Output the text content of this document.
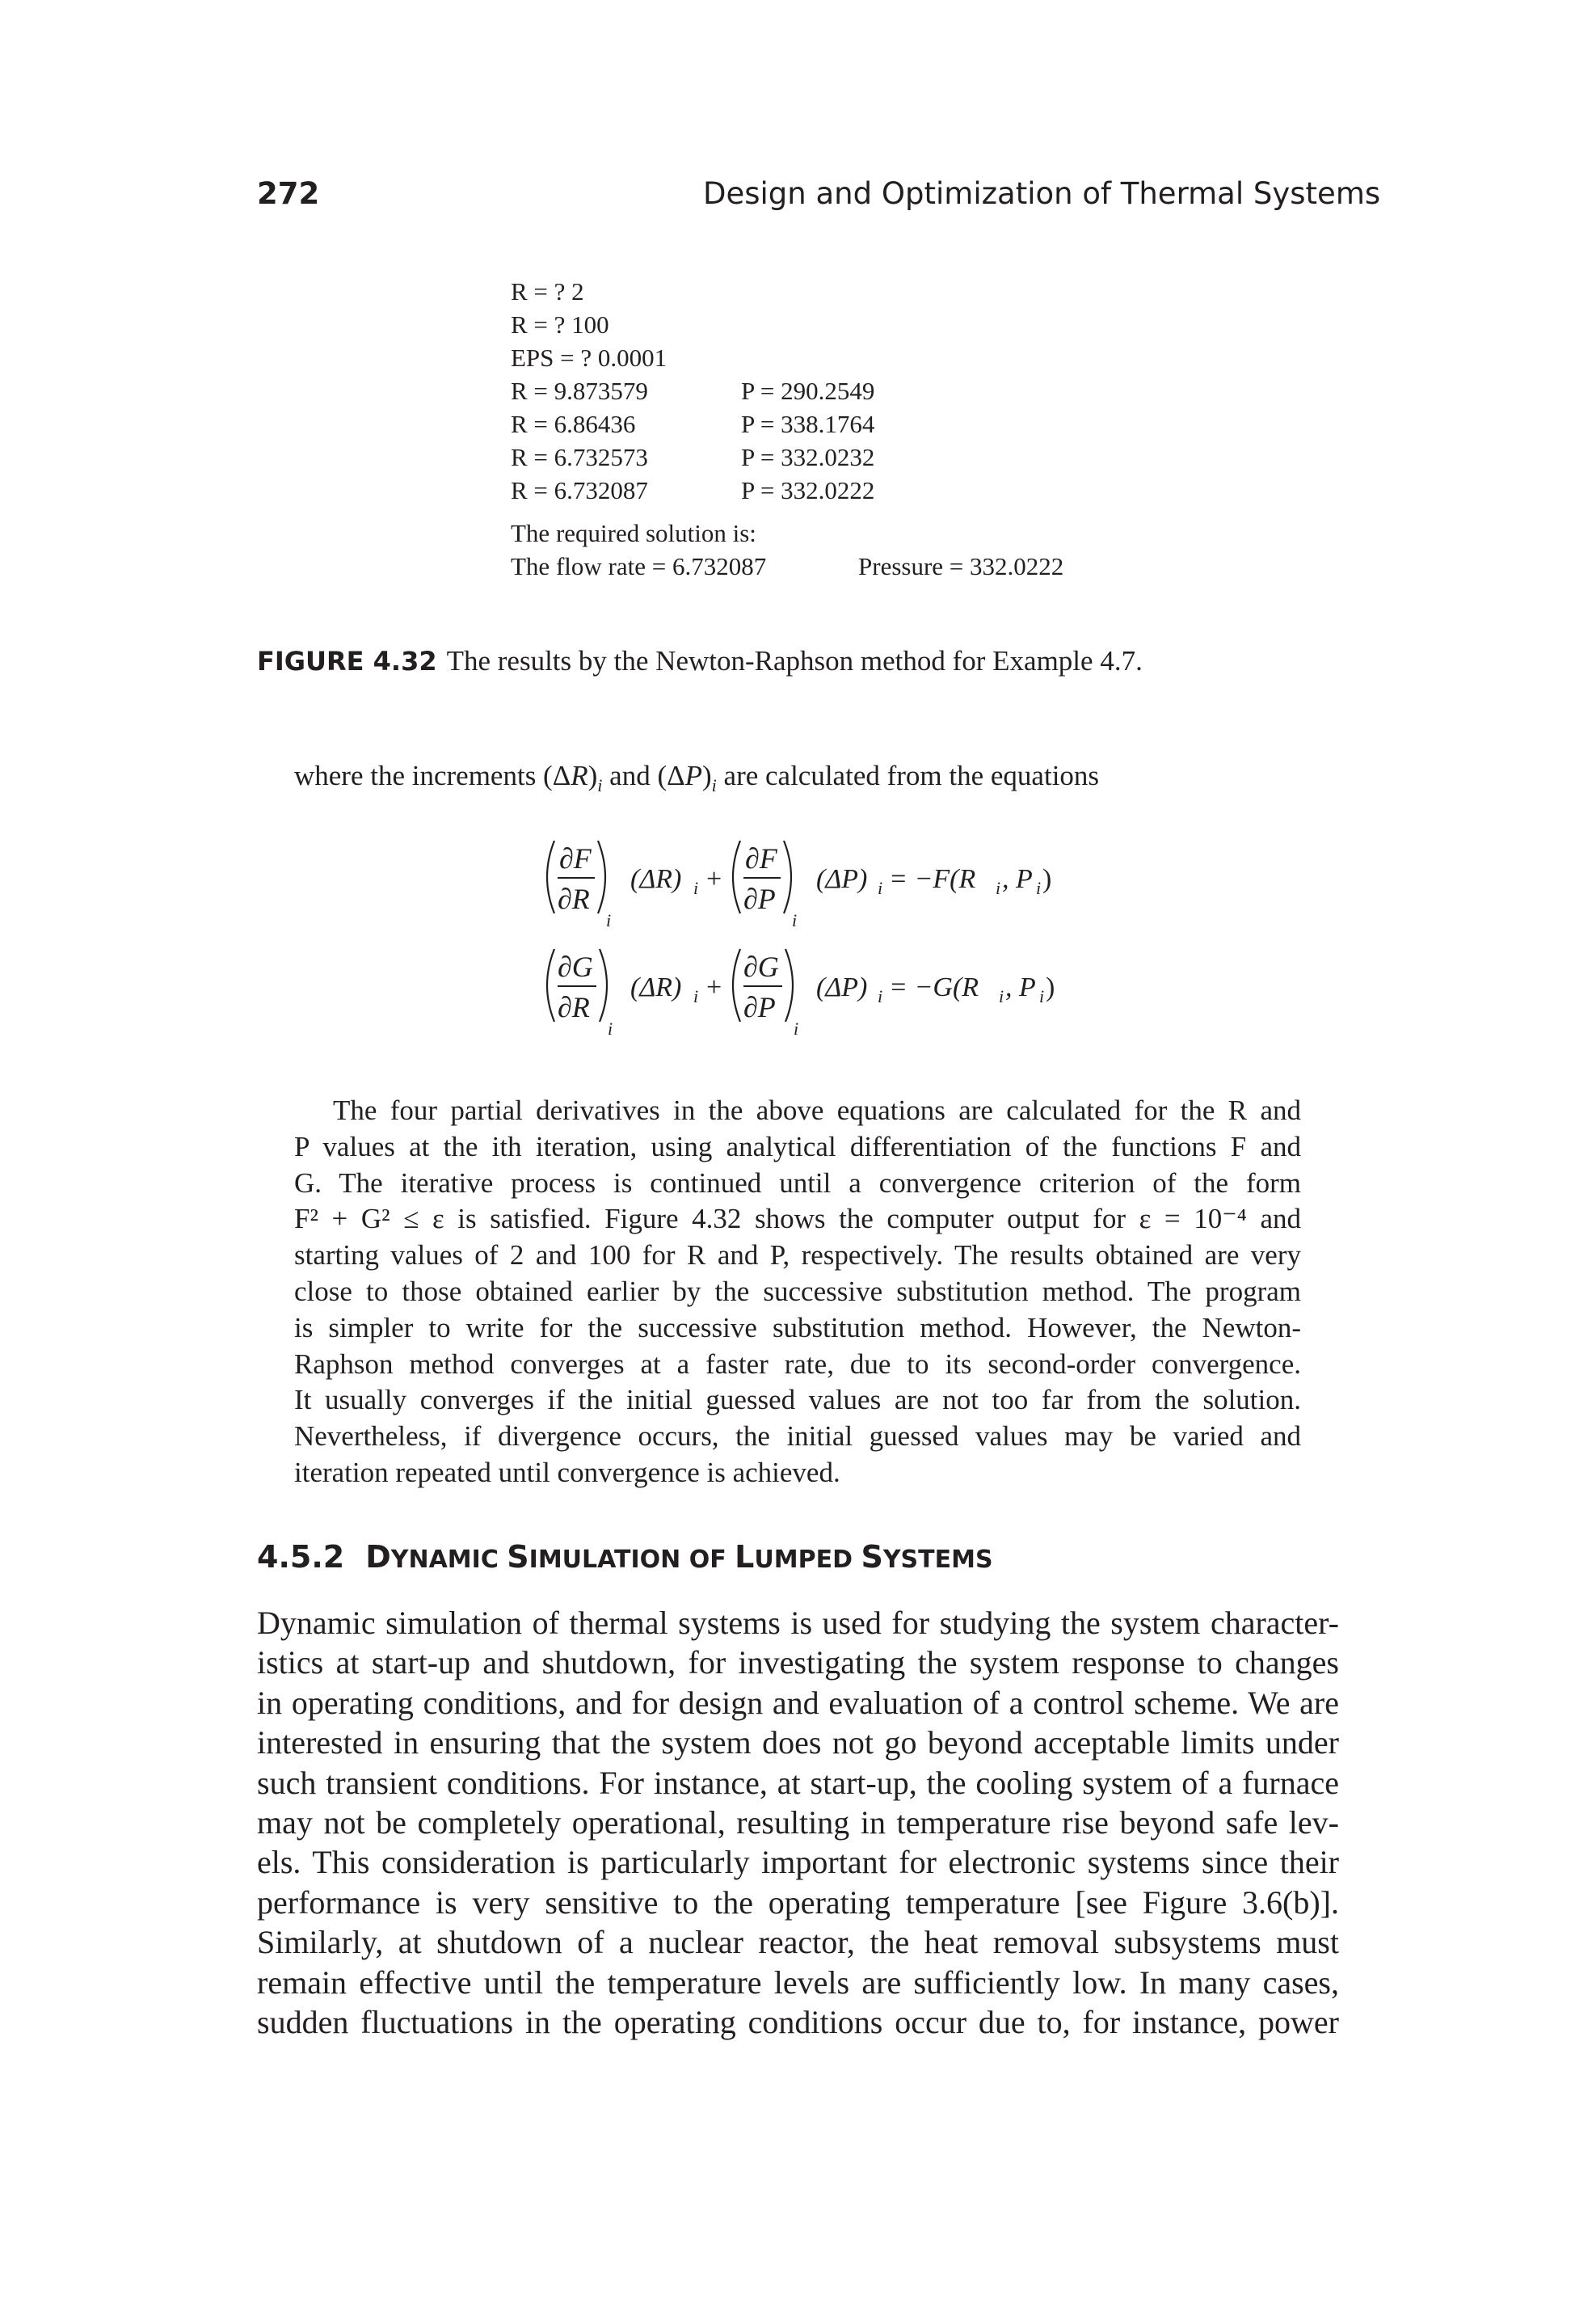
272	Design and Optimization of Thermal Systems
R = ? 2
R = ? 100
EPS = ? 0.0001
R = 9.873579	P = 290.2549
R = 6.86436	P = 338.1764
R = 6.732573	P = 332.0232
R = 6.732087	P = 332.0222
The required solution is:
The flow rate = 6.732087	Pressure = 332.0222
FIGURE 4.32 The results by the Newton-Raphson method for Example 4.7.
where the increments $(\Delta R)_i$ and $(\Delta P)_i$ are calculated from the equations
∂F
∂R
i
(ΔR) i +
∂F
∂P
i
(ΔP) i = −F(R i , P i )
∂G
∂R
i
(ΔR) i +
∂G
∂P
i
(ΔP) i = −G(R i , P i )
The four partial derivatives in the above equations are calculated for the R and
P values at the ith iteration, using analytical differentiation of the functions F and
G. The iterative process is continued until a convergence criterion of the form
F² + G² ≤ ε is satisfied. Figure 4.32 shows the computer output for ε = 10⁻⁴ and
starting values of 2 and 100 for R and P, respectively. The results obtained are very
close to those obtained earlier by the successive substitution method. The program
is simpler to write for the successive substitution method. However, the Newton-
Raphson method converges at a faster rate, due to its second-order convergence.
It usually converges if the initial guessed values are not too far from the solution.
Nevertheless, if divergence occurs, the initial guessed values may be varied and
iteration repeated until convergence is achieved.
4.5.2 DYNAMIC SIMULATION OF LUMPED SYSTEMS
Dynamic simulation of thermal systems is used for studying the system character-
istics at start-up and shutdown, for investigating the system response to changes
in operating conditions, and for design and evaluation of a control scheme. We are
interested in ensuring that the system does not go beyond acceptable limits under
such transient conditions. For instance, at start-up, the cooling system of a furnace
may not be completely operational, resulting in temperature rise beyond safe lev-
els. This consideration is particularly important for electronic systems since their
performance is very sensitive to the operating temperature [see Figure 3.6(b)].
Similarly, at shutdown of a nuclear reactor, the heat removal subsystems must
remain effective until the temperature levels are sufficiently low. In many cases,
sudden fluctuations in the operating conditions occur due to, for instance, power
